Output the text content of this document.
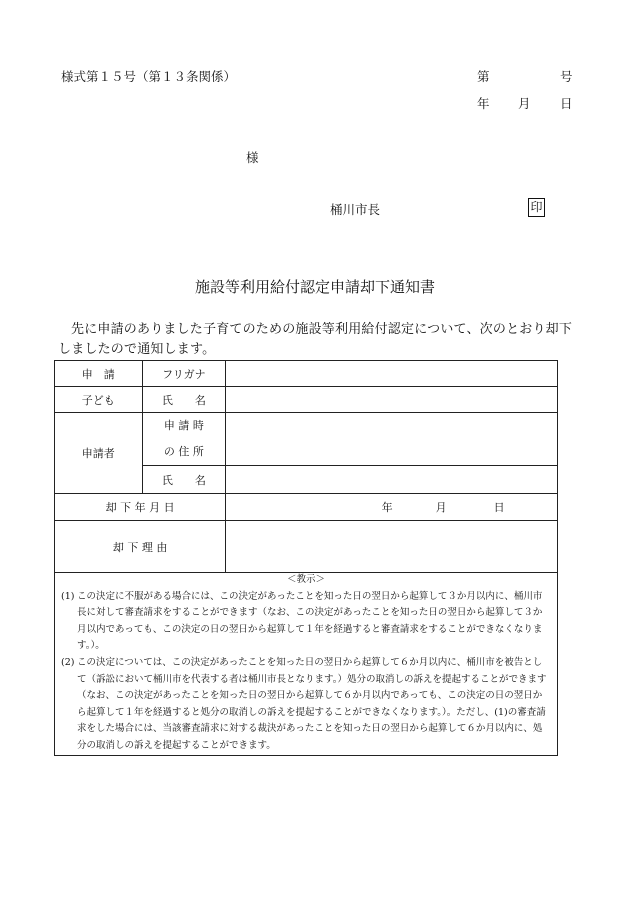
様式第１５号（第１３条関係）	第	号
年 月 日
様
桶川市長	印
施設等利用給付認定申請却下通知書
先に申請のありました子育てのための施設等利用給付認定について、次のとおり却下しましたので通知します。
申　請	フリガナ	
子ども	氏　　名	
申請者	申 請 時
の 住 所	

	氏　　名	
却 下 年 月 日		年 月 日

却 下 理 由		
＜教示＞
(1) この決定に不服がある場合には、この決定があったことを知った日の翌日から起算して３か月以内に、桶川市長に対して審査請求をすることができます（なお、この決定があったことを知った日の翌日から起算して３か月以内であっても、この決定の日の翌日から起算して１年を経過すると審査請求をすることができなくなります。）。
(2) この決定については、この決定があったことを知った日の翌日から起算して６か月以内に、桶川市を被告として（訴訟において桶川市を代表する者は桶川市長となります。）処分の取消しの訴えを提起することができます（なお、この決定があったことを知った日の翌日から起算して６か月以内であっても、この決定の日の翌日から起算して１年を経過すると処分の取消しの訴えを提起することができなくなります。）。ただし、(1)の審査請求をした場合には、当該審査請求に対する裁決があったことを知った日の翌日から起算して６か月以内に、処分の取消しの訴えを提起することができます。
